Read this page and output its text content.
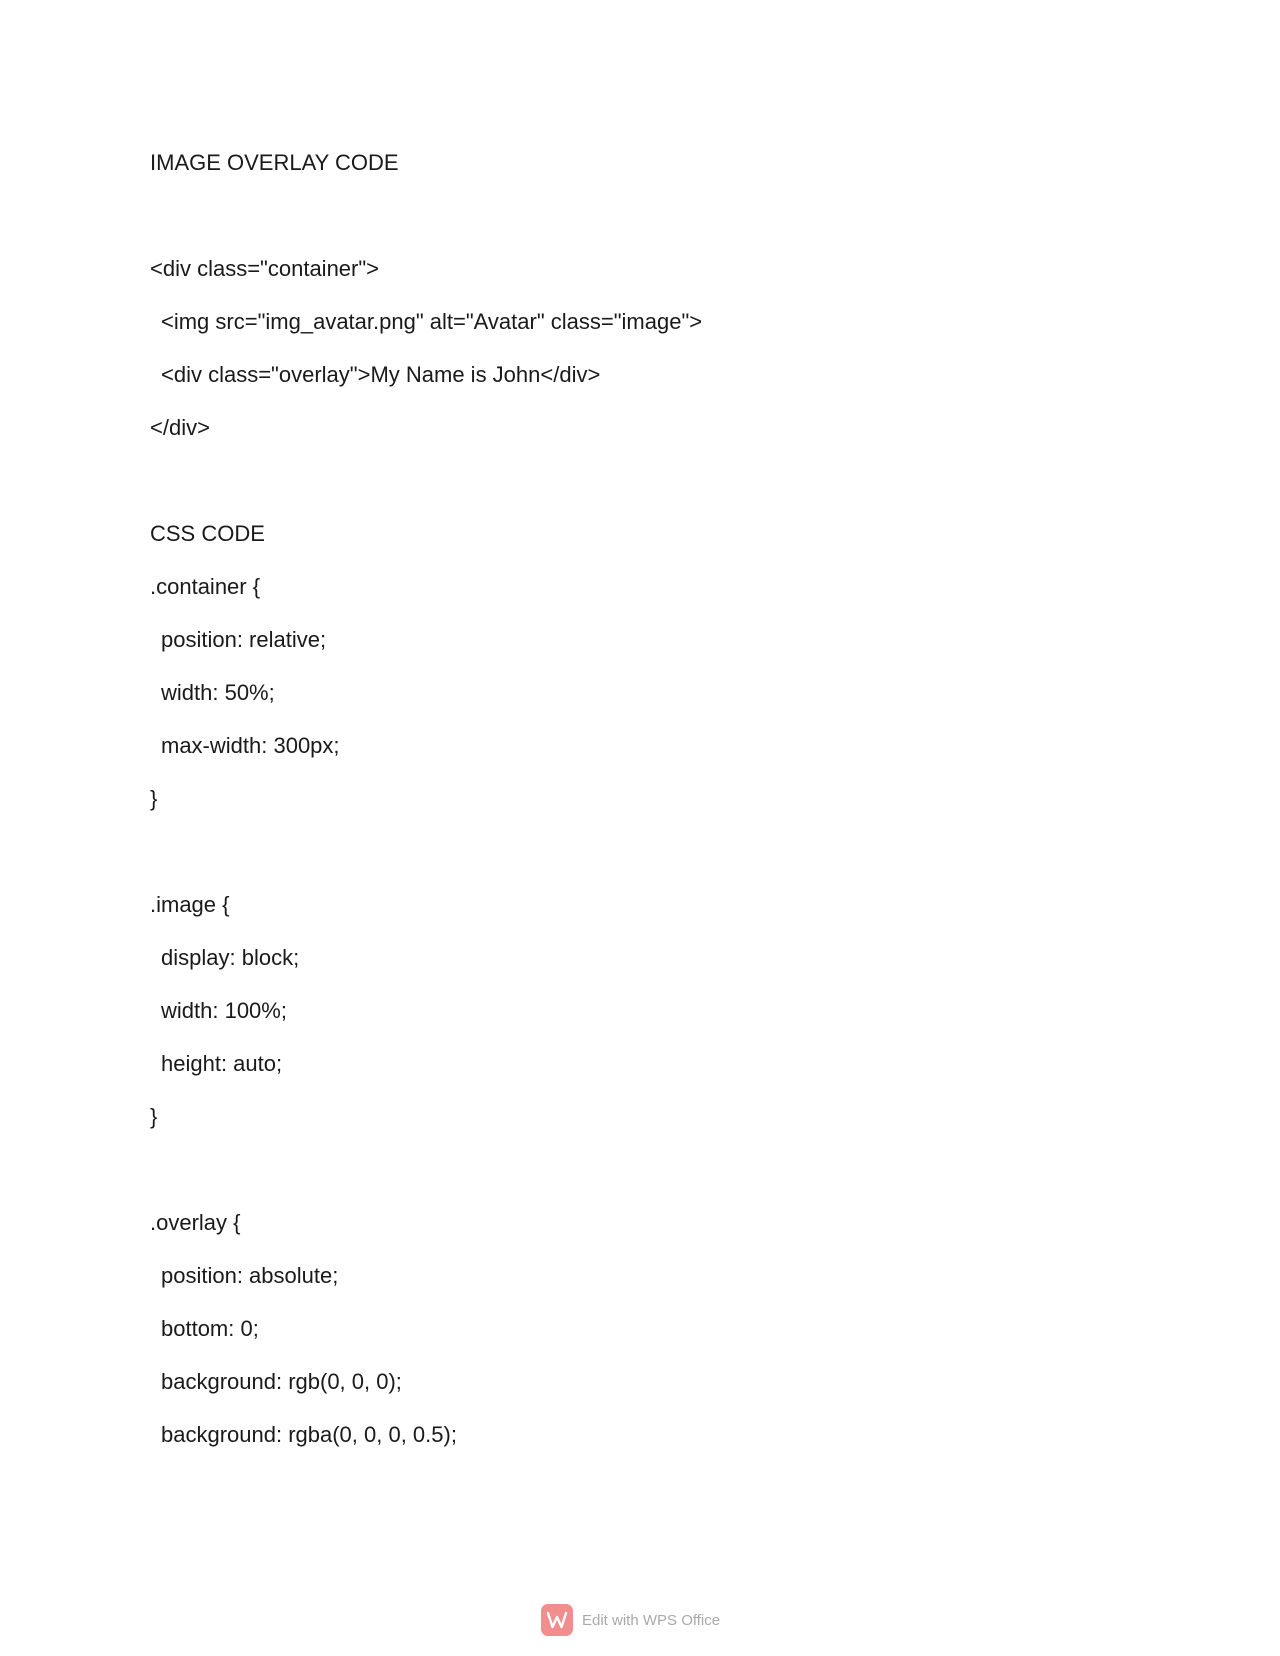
IMAGE OVERLAY CODE
<div class="container">
<img src="img_avatar.png" alt="Avatar" class="image">
<div class="overlay">My Name is John</div>
</div>
CSS CODE
.container {
position: relative;
width: 50%;
max-width: 300px;
}
.image {
display: block;
width: 100%;
height: auto;
}
.overlay {
position: absolute;
bottom: 0;
background: rgb(0, 0, 0);
background: rgba(0, 0, 0, 0.5);
Edit with WPS Office
